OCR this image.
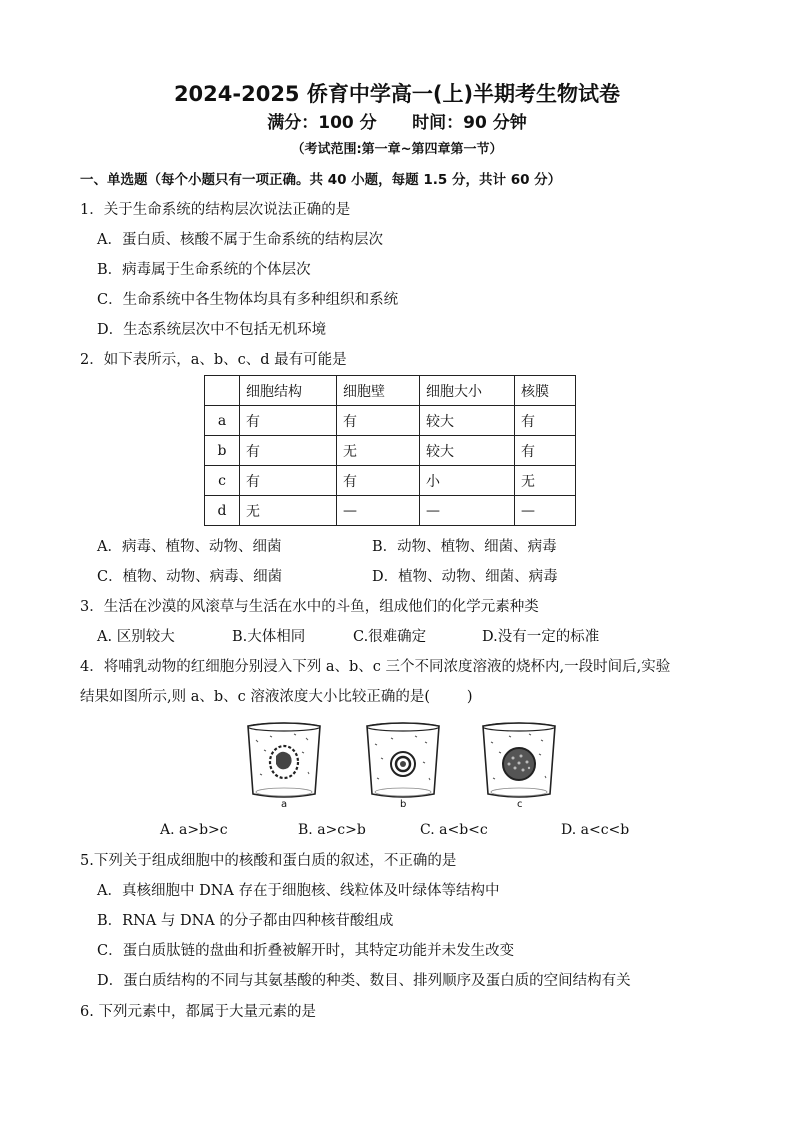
2024-2025 侨育中学高一(上)半期考生物试卷
满分：100 分      时间：90 分钟
（考试范围:第一章~第四章第一节）
一、单选题（每个小题只有一项正确。共 40 小题，每题 1.5 分，共计 60 分）
1．关于生命系统的结构层次说法正确的是
A．蛋白质、核酸不属于生命系统的结构层次
B．病毒属于生命系统的个体层次
C．生命系统中各生物体均具有多种组织和系统
D．生态系统层次中不包括无机环境
2．如下表所示，a、b、c、d 最有可能是
	细胞结构	细胞壁	细胞大小	核膜
a	有	有	较大	有
b	有	无	较大	有
c	有	有	小	无
d	无	—	—	—
A．病毒、植物、动物、细菌	B．动物、植物、细菌、病毒
C．植物、动物、病毒、细菌	D．植物、动物、细菌、病毒
3．生活在沙漠的风滚草与生活在水中的斗鱼，组成他们的化学元素种类
A. 区别较大	B.大体相同	C.很难确定	D.没有一定的标准
4．将哺乳动物的红细胞分别浸入下列 a、b、c 三个不同浓度溶液的烧杯内,一段时间后,实验
结果如图所示,则 a、b、c 溶液浓度大小比较正确的是(        )
a	b	c
A. a>b>c	B. a>c>b	C. a<b<c	D. a<c<b
5.下列关于组成细胞中的核酸和蛋白质的叙述，不正确的是
A．真核细胞中 DNA 存在于细胞核、线粒体及叶绿体等结构中
B．RNA 与 DNA 的分子都由四种核苷酸组成
C．蛋白质肽链的盘曲和折叠被解开时，其特定功能并未发生改变
D．蛋白质结构的不同与其氨基酸的种类、数目、排列顺序及蛋白质的空间结构有关
6. 下列元素中，都属于大量元素的是
